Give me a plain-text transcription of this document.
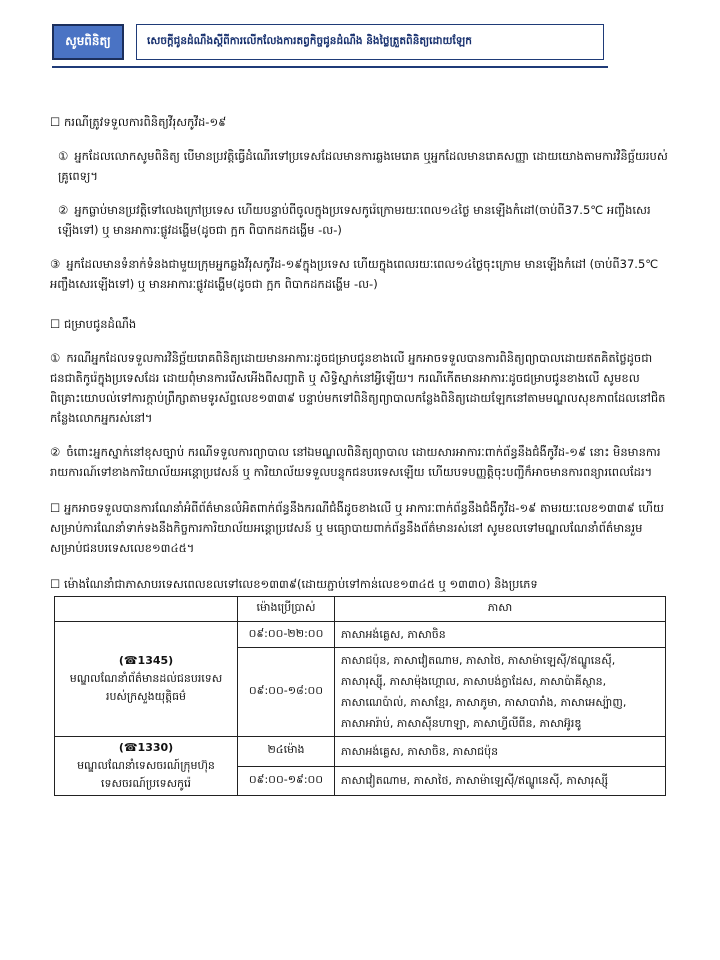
សូមពិនិត្យ	សេចក្តីជូនដំណឹងស្តីពីការលើកលែងការតព្វកិច្ចជូនដំណឹង និងថ្លៃត្រួតពិនិត្យដោយឡែក
☐ ករណីត្រូវទទួលការពិនិត្យវីរុសកូវីដ-១៩
① អ្នកដែលលោកសូមពិនិត្យ បើមានប្រវត្តិធ្វើដំណើរទៅប្រទេសដែលមានការឆ្លងមេរោគ ឬអ្នកដែលមានរោគសញ្ញា ដោយយោងតាមការវិនិច្ឆ័យរបស់គ្រូពេទ្យ។
② អ្នកធ្លាប់មានប្រវត្តិទៅលេងក្រៅប្រទេស ហើយបន្ទាប់ពីចូលក្នុងប្រទេសកូរ៉េក្រោមរយៈពេល១៤ថ្ងៃ មានឡើងកំដៅ(ចាប់ពី37.5℃ អញ្ចឹងសេរឡើងទៅ) ឬ មានអាការៈផ្លូវដង្ហើម(ដូចជា ក្អក ពិបាកដកដង្ហើម -ល-)
③ អ្នកដែលមានទំនាក់ទំនងជាមួយក្រុមអ្នកឆ្លងវីរុសកូវីដ-១៩ក្នុងប្រទេស ហើយក្នុងពេលរយៈពេល១៤ថ្ងៃចុះក្រោម មានឡើងកំដៅ (ចាប់ពី37.5℃ អញ្ចឹងសេរឡើងទៅ) ឬ មានអាការៈផ្លូវដង្ហើម(ដូចជា ក្អក ពិបាកដកដង្ហើម -ល-)
☐ ជម្រាបជូនដំណឹង
① ករណីអ្នកដែលទទួលការវិនិច្ឆ័យរោគពិនិត្យដោយមានអាការៈដូចជម្រាបជូនខាងលើ អ្នកអាចទទួលបានការពិនិត្យព្យាបាលដោយឥតគិតថ្លៃដូចជាជនជាតិកូរ៉េក្នុងប្រទេសដែរ ដោយពុំមានការរើសអើងពីសញ្ជាតិ ឬ សិទ្ធិស្នាក់នៅអ្វីឡើយ។ ករណីកើតមានអាការៈដូចជម្រាបជូនខាងលើ សូមខលពិគ្រោះយោបល់ទៅការក្តាប់ព្រឹក្សាតាមទូរស័ព្ទលេខ១៣៣៩ បន្ទាប់មកទៅពិនិត្យព្យាបាលកន្លែងពិនិត្យដោយឡែកនៅតាមមណ្ឌលសុខភាពដែលនៅជិតកន្លែងលោកអ្នករស់នៅ។
② ចំពោះអ្នកស្នាក់នៅខុសច្បាប់ ករណីទទួលការព្យាបាល នៅឯមណ្ឌលពិនិត្យព្យាបាល ដោយសារអាការៈពាក់ព័ន្ធនឹងជំងឺកូវីដ-១៩ នោះ មិនមានការរាយការណ៍ទៅខាងការិយាល័យអន្តោប្រវេសន៍ ឬ ការិយាល័យទទួលបន្ទុកជនបរទេសឡើយ ហើយបទបញ្ញត្តិចុះបញ្ជីក៏អាចមានការពន្យារពេលដែរ។
☐ អ្នកអាចទទួលបានការណែនាំអំពីព័ត៌មានលំអិតពាក់ព័ន្ធនឹងករណីជំងឺដូចខាងលើ ឬ អាការៈពាក់ព័ន្ធនឹងជំងឺកូវីដ-១៩ តាមរយៈលេខ១៣៣៩ ហើយសម្រាប់ការណែនាំទាក់ទងនឹងកិច្ចការការិយាល័យអន្តោប្រវេសន៍ ឬ មធ្យោបាយពាក់ព័ន្ធនឹងព័ត៌មានរស់នៅ សូមខលទៅមណ្ឌលណែនាំព័ត៌មានរួមសម្រាប់ជនបរទេសលេខ១៣៤៥។
☐ ម៉ោងណែនាំជាភាសាបរទេសពេលខលទៅលេខ១៣៣៩(ដោយភ្ជាប់ទៅកាន់លេខ១៣៤៥ ឬ ១៣៣០) និងប្រភេទ
	ម៉ោងប្រើប្រាស់	ភាសា

(☎1345)
មណ្ឌលណែនាំព័ត៌មានដល់ជនបរទេសរបស់ក្រសួងយុត្តិធម៌	០៩:០០-២២:០០	ភាសាអង់គ្លេស, ភាសាចិន
	០៩:០០-១៨:០០	ភាសាជប៉ុន, ភាសាវៀតណាម, ភាសាថៃ, ភាសាម៉ាឡេស៊ី/ឥណ្ឌូនេស៊ី, ភាសារុស្ស៊ី, ភាសាម៉ុងហ្គោល, ភាសាបង់ក្លាដែស, ភាសាប៉ាគីស្ថាន, ភាសាណេប៉ាល់, ភាសាខ្មែរ, ភាសាភូមា, ភាសាបារាំង, ភាសាអេស្ប៉ាញ, ភាសាអារ៉ាប់, ភាសាស៊ីនហាឡា, ភាសាហ្វីលីពីន, ភាសាអ៊ូរឌូ

(☎1330)
មណ្ឌលណែនាំទេសចរណ៍ក្រុមហ៊ុនទេសចរណ៍ប្រទេសកូរ៉េ	២៤ម៉ោង	ភាសាអង់គ្លេស, ភាសាចិន, ភាសាជប៉ុន
	០៩:០០-១៩:០០	ភាសាវៀតណាម, ភាសាថៃ, ភាសាម៉ាឡេស៊ី/ឥណ្ឌូនេស៊ី, ភាសារុស្ស៊ី
